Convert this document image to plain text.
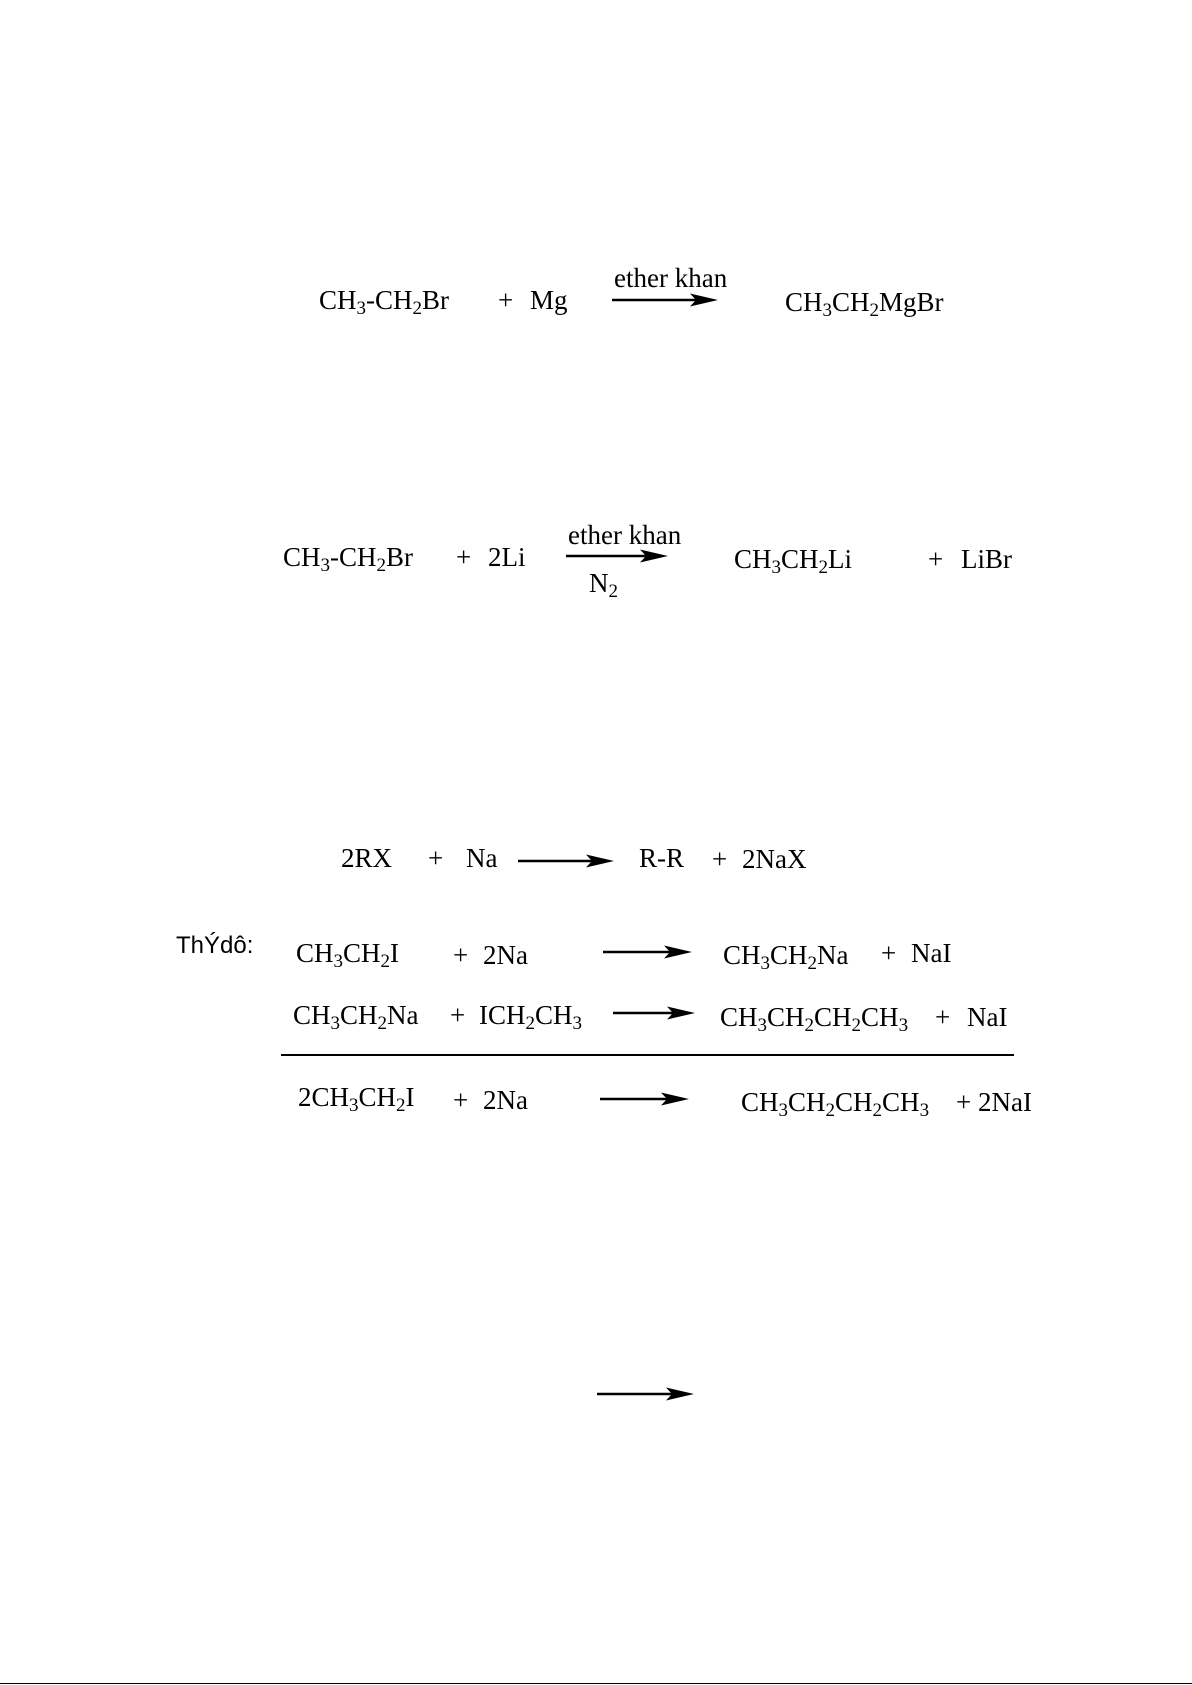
$CH_3-CH_2Br + Mg$
ether khan
$CH_3CH_2MgBr$
$CH_3-CH_2Br + 2Li$
ether khan
$N_2$
$CH_3CH_2Li$	+ LiBr
2RX + Na	R-R + 2NaX
ThÝdô: $CH_3CH_2I + 2Na$	$CH_3CH_2Na$ + NaI
$CH_3CH_2Na + ICH_2CH_3$	$CH_3CH_2CH_2CH_3$ + NaI
$2CH_3CH_2I + 2Na$	$CH_3CH_2CH_2CH_3 + 2NaI$
